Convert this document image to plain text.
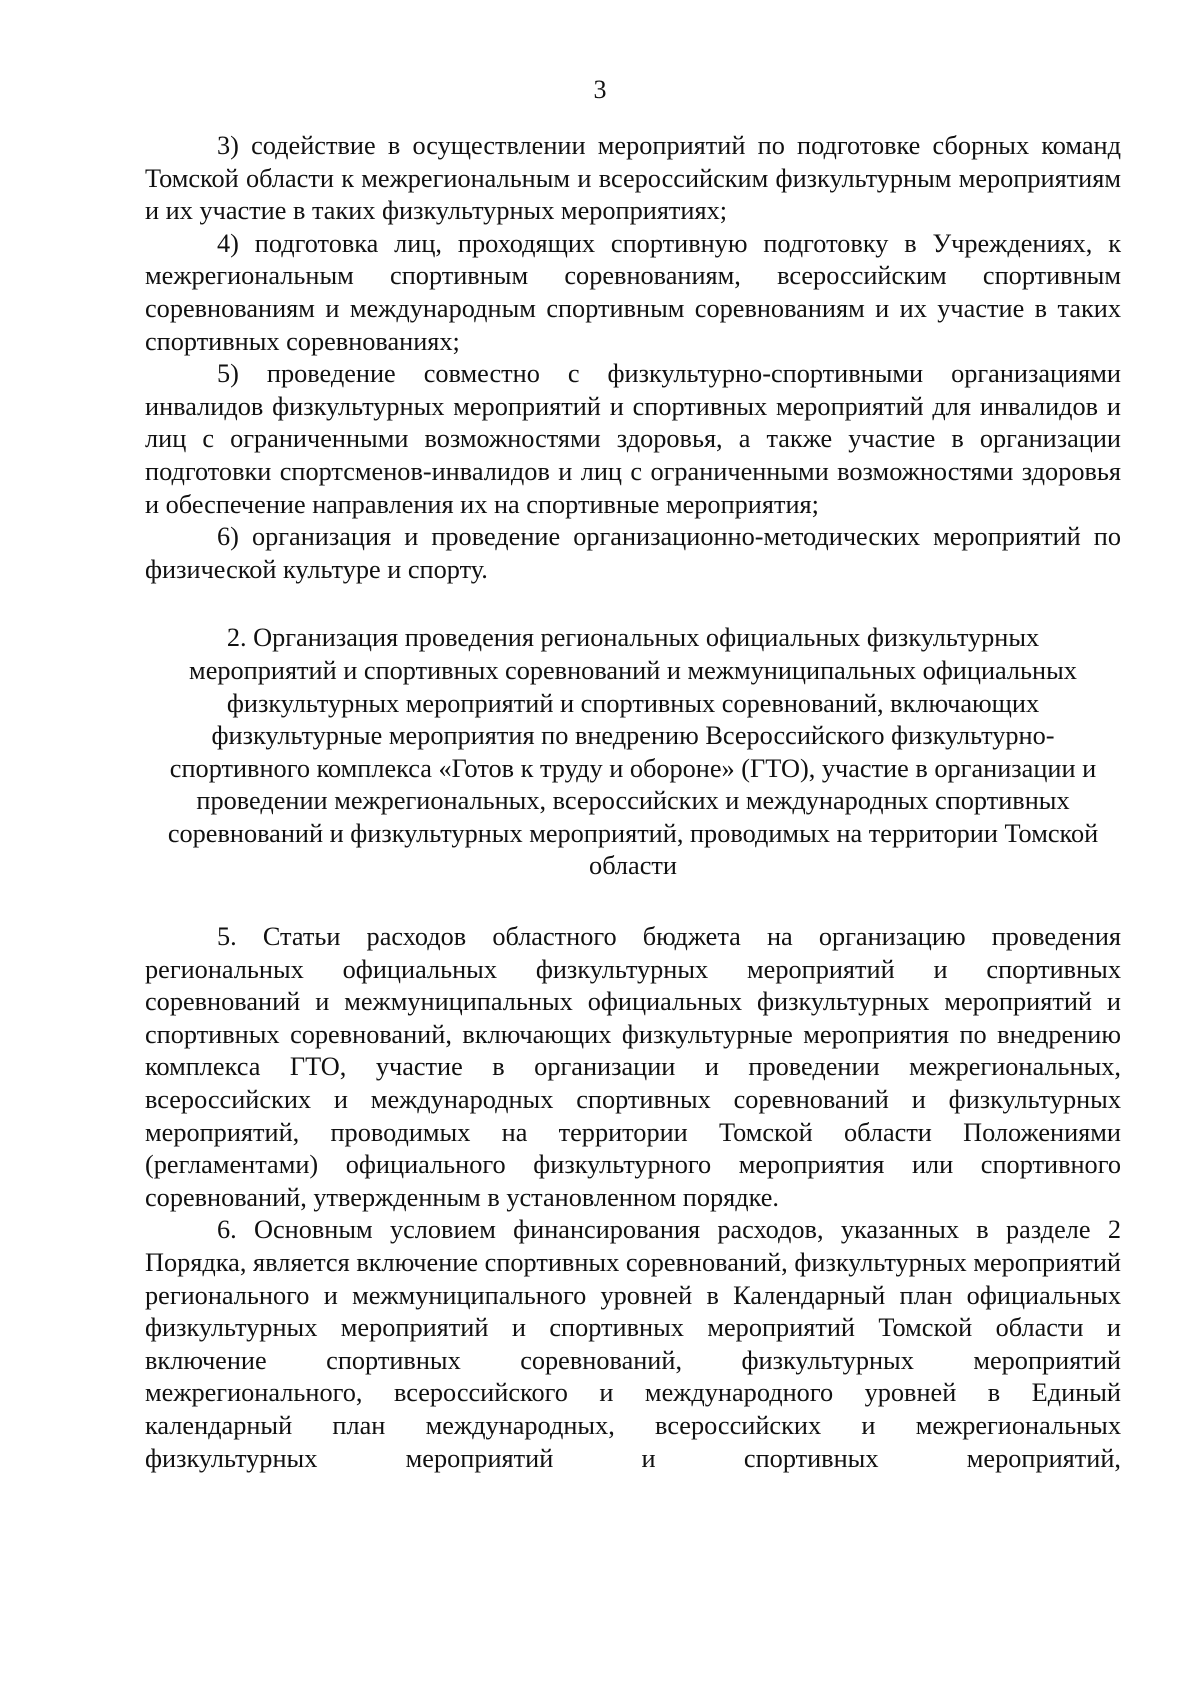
3

3) содействие в осуществлении мероприятий по подготовке сборных команд Томской области к межрегиональным и всероссийским физкультурным мероприятиям и их участие в таких физкультурных мероприятиях;

4) подготовка лиц, проходящих спортивную подготовку в Учреждениях, к межрегиональным спортивным соревнованиям, всероссийским спортивным соревнованиям и международным спортивным соревнованиям и их участие в таких спортивных соревнованиях;

5) проведение совместно с физкультурно-спортивными организациями инвалидов физкультурных мероприятий и спортивных мероприятий для инвалидов и лиц с ограниченными возможностями здоровья, а также участие в организации подготовки спортсменов-инвалидов и лиц с ограниченными возможностями здоровья и обеспечение направления их на спортивные мероприятия;

6) организация и проведение организационно-методических мероприятий по физической культуре и спорту.

2. Организация проведения региональных официальных физкультурных мероприятий и спортивных соревнований и межмуниципальных официальных физкультурных мероприятий и спортивных соревнований, включающих физкультурные мероприятия по внедрению Всероссийского физкультурно-спортивного комплекса «Готов к труду и обороне» (ГТО), участие в организации и проведении межрегиональных, всероссийских и международных спортивных соревнований и физкультурных мероприятий, проводимых на территории Томской области

5. Статьи расходов областного бюджета на организацию проведения региональных официальных физкультурных мероприятий и спортивных соревнований и межмуниципальных официальных физкультурных мероприятий и спортивных соревнований, включающих физкультурные мероприятия по внедрению комплекса ГТО, участие в организации и проведении межрегиональных, всероссийских и международных спортивных соревнований и физкультурных мероприятий, проводимых на территории Томской области Положениями (регламентами) официального физкультурного мероприятия или спортивного соревнований, утвержденным в установленном порядке.

6. Основным условием финансирования расходов, указанных в разделе 2 Порядка, является включение спортивных соревнований, физкультурных мероприятий регионального и межмуниципального уровней в Календарный план официальных физкультурных мероприятий и спортивных мероприятий Томской области и включение спортивных соревнований, физкультурных мероприятий межрегионального, всероссийского и международного уровней в Единый календарный план международных, всероссийских и межрегиональных физкультурных мероприятий и спортивных мероприятий,
